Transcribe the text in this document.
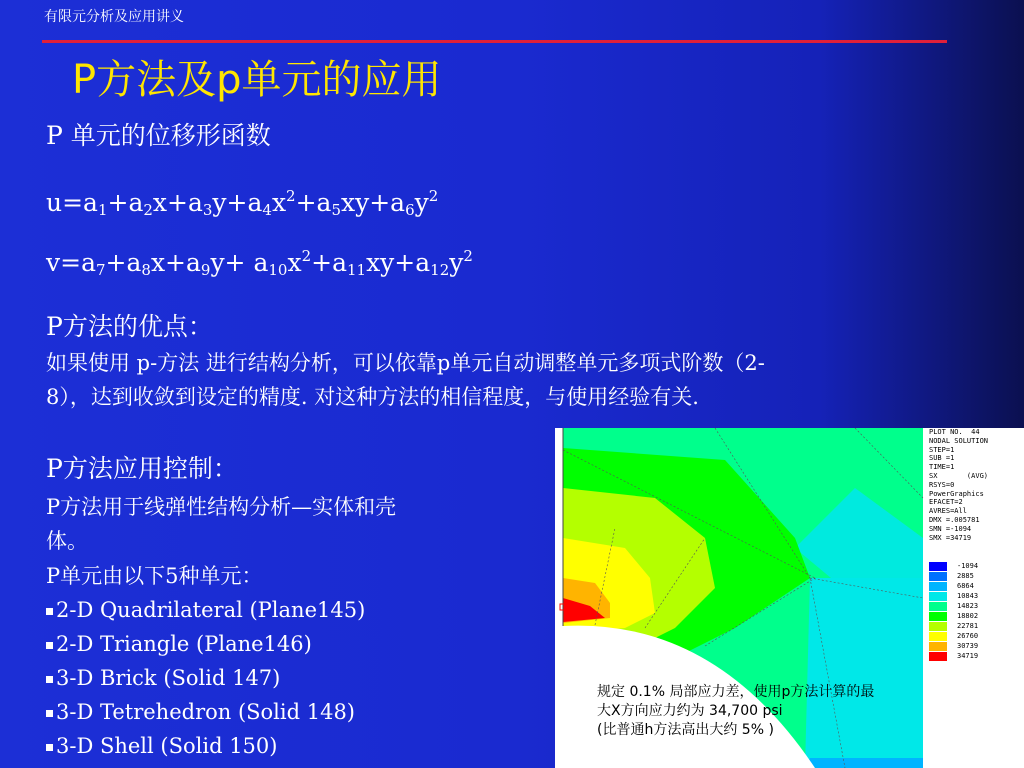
有限元分析及应用讲义
P方法及p单元的应用
P 单元的位移形函数
$u=a_1+a_2x+a_3y+a_4x^2+a_5xy+a_6y^2$
$v=a_7+a_8x+a_9y+ a_{10}x^2+a_{11}xy+a_{12}y^2$
P方法的优点：
如果使用 p-方法 进行结构分析，可以依靠p单元自动调整单元多项式阶数（2-
8），达到收敛到设定的精度. 对这种方法的相信程度，与使用经验有关.
P方法应用控制：
P方法用于线弹性结构分析—实体和壳
体。
P单元由以下5种单元：
2-D Quadrilateral (Plane145)
2-D Triangle (Plane146)
3-D Brick (Solid 147)
3-D Tetrehedron (Solid 148)
3-D Shell (Solid 150)
PLOT NO.  44
NODAL SOLUTION
STEP=1
SUB =1
TIME=1
SX       (AVG)
RSYS=0
PowerGraphics
EFACET=2
AVRES=All
DMX =.005781
SMN =-1094
SMX =34719
-1094
2885
6864
10843
14823
18802
22781
26760
30739
34719
规定 0.1% 局部应力差，使用p方法计算的最
大X方向应力约为 34,700 psi
(比普通h方法高出大约 5% )
